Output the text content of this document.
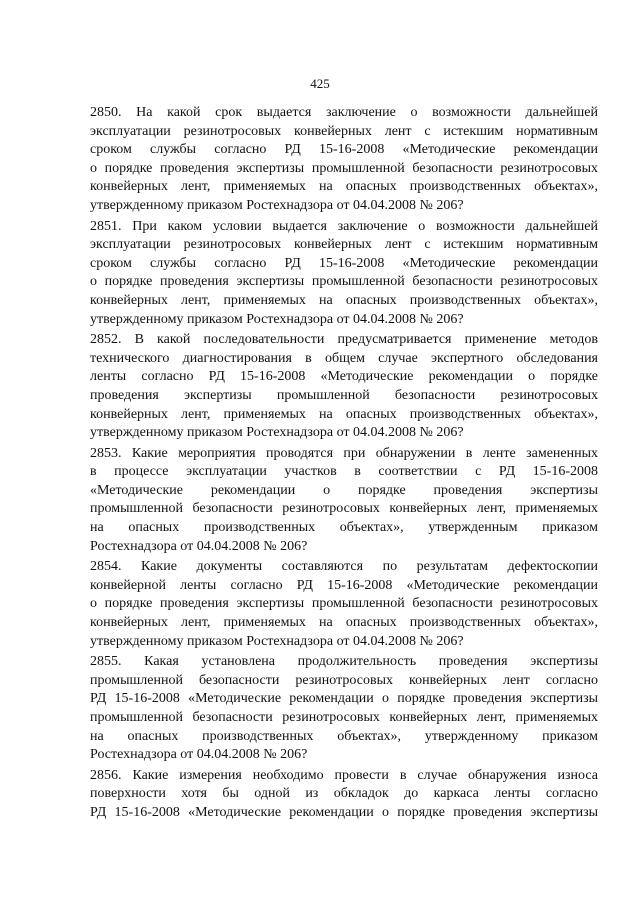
425
2850. На какой срок выдается заключение о возможности дальнейшей
эксплуатации резинотросовых конвейерных лент с истекшим нормативным
сроком службы согласно РД 15-16-2008 «Методические рекомендации
о порядке проведения экспертизы промышленной безопасности резинотросовых
конвейерных лент, применяемых на опасных производственных объектах»,
утвержденному приказом Ростехнадзора от 04.04.2008 № 206?
2851. При каком условии выдается заключение о возможности дальнейшей
эксплуатации резинотросовых конвейерных лент с истекшим нормативным
сроком службы согласно РД 15-16-2008 «Методические рекомендации
о порядке проведения экспертизы промышленной безопасности резинотросовых
конвейерных лент, применяемых на опасных производственных объектах»,
утвержденному приказом Ростехнадзора от 04.04.2008 № 206?
2852. В какой последовательности предусматривается применение методов
технического диагностирования в общем случае экспертного обследования
ленты согласно РД 15-16-2008 «Методические рекомендации о порядке
проведения экспертизы промышленной безопасности резинотросовых
конвейерных лент, применяемых на опасных производственных объектах»,
утвержденному приказом Ростехнадзора от 04.04.2008 № 206?
2853. Какие мероприятия проводятся при обнаружении в ленте замененных
в процессе эксплуатации участков в соответствии с РД 15-16-2008
«Методические рекомендации о порядке проведения экспертизы
промышленной безопасности резинотросовых конвейерных лент, применяемых
на опасных производственных объектах», утвержденным приказом
Ростехнадзора от 04.04.2008 № 206?
2854. Какие документы составляются по результатам дефектоскопии
конвейерной ленты согласно РД 15-16-2008 «Методические рекомендации
о порядке проведения экспертизы промышленной безопасности резинотросовых
конвейерных лент, применяемых на опасных производственных объектах»,
утвержденному приказом Ростехнадзора от 04.04.2008 № 206?
2855. Какая установлена продолжительность проведения экспертизы
промышленной безопасности резинотросовых конвейерных лент согласно
РД 15-16-2008 «Методические рекомендации о порядке проведения экспертизы
промышленной безопасности резинотросовых конвейерных лент, применяемых
на опасных производственных объектах», утвержденному приказом
Ростехнадзора от 04.04.2008 № 206?
2856. Какие измерения необходимо провести в случае обнаружения износа
поверхности хотя бы одной из обкладок до каркаса ленты согласно
РД 15-16-2008 «Методические рекомендации о порядке проведения экспертизы
